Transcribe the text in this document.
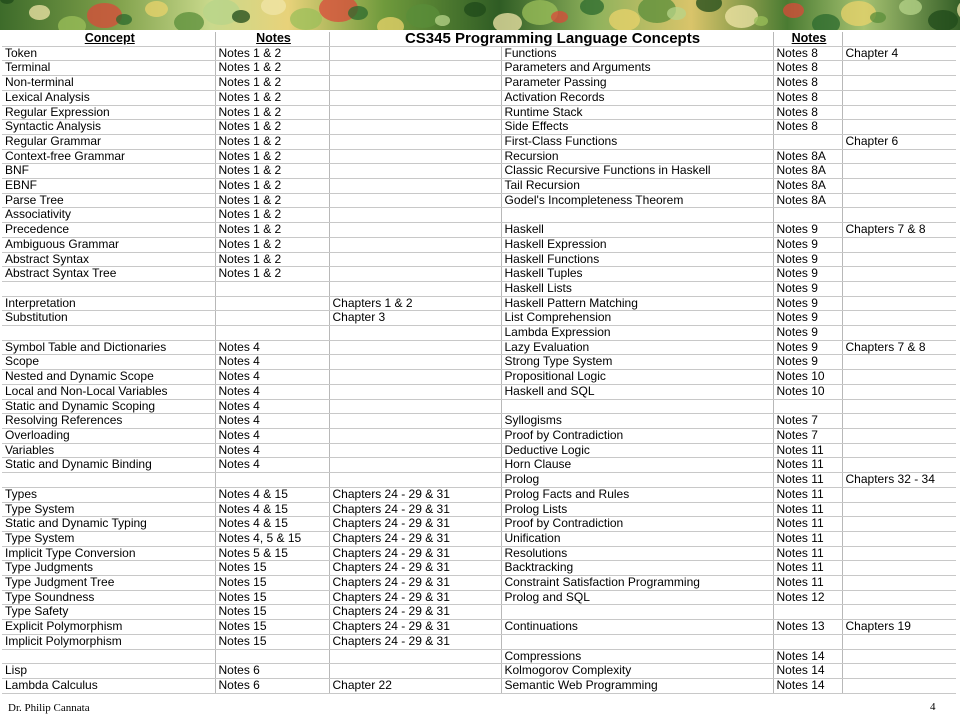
Concept	Notes	CS345 Programming Language Concepts		Notes	
Token	Notes 1 & 2		Functions	Notes 8	Chapter 4
Terminal	Notes 1 & 2		Parameters and Arguments	Notes 8	
Non-terminal	Notes 1 & 2		Parameter Passing	Notes 8	
Lexical Analysis	Notes 1 & 2		Activation Records	Notes 8	
Regular Expression	Notes 1 & 2		Runtime Stack	Notes 8	
Syntactic Analysis	Notes 1 & 2		Side Effects	Notes 8	
Regular Grammar	Notes 1 & 2		First-Class Functions		Chapter 6
Context-free Grammar	Notes 1 & 2		Recursion	Notes 8A	
BNF	Notes 1 & 2		Classic Recursive Functions in Haskell	Notes 8A	
EBNF	Notes 1 & 2		Tail Recursion	Notes 8A	
Parse Tree	Notes 1 & 2		Godel's Incompleteness Theorem	Notes 8A	
Associativity	Notes 1 & 2				
Precedence	Notes 1 & 2		Haskell	Notes 9	Chapters 7 & 8
Ambiguous Grammar	Notes 1 & 2		Haskell Expression	Notes 9	
Abstract Syntax	Notes 1 & 2		Haskell Functions	Notes 9	
Abstract Syntax Tree	Notes 1 & 2		Haskell Tuples	Notes 9	
			Haskell Lists	Notes 9	
Interpretation		Chapters 1 & 2	Haskell Pattern Matching	Notes 9	
Substitution		Chapter 3	List Comprehension	Notes 9	
			Lambda Expression	Notes 9	
Symbol Table and Dictionaries	Notes 4		Lazy Evaluation	Notes 9	Chapters 7 & 8
Scope	Notes 4		Strong Type System	Notes 9	
Nested and Dynamic Scope	Notes 4		Propositional Logic	Notes 10	
Local and Non-Local Variables	Notes 4		Haskell and SQL	Notes 10	
Static and Dynamic Scoping	Notes 4				
Resolving References	Notes 4		Syllogisms	Notes 7	
Overloading	Notes 4		Proof by Contradiction	Notes 7	
Variables	Notes 4		Deductive Logic	Notes 11	
Static and Dynamic Binding	Notes 4		Horn Clause	Notes 11	
			Prolog	Notes 11	Chapters 32 - 34
Types	Notes 4 & 15	Chapters 24 - 29 & 31	Prolog Facts and Rules	Notes 11	
Type System	Notes 4 & 15	Chapters 24 - 29 & 31	Prolog Lists	Notes 11	
Static and Dynamic Typing	Notes 4 & 15	Chapters 24 - 29 & 31	Proof by Contradiction	Notes 11	
Type System	Notes 4, 5 & 15	Chapters 24 - 29 & 31	Unification	Notes 11	
Implicit Type Conversion	Notes 5 & 15	Chapters 24 - 29 & 31	Resolutions	Notes 11	
Type Judgments	Notes 15	Chapters 24 - 29 & 31	Backtracking	Notes 11	
Type Judgment Tree	Notes 15	Chapters 24 - 29 & 31	Constraint Satisfaction Programming	Notes 11	
Type Soundness	Notes 15	Chapters 24 - 29 & 31	Prolog and SQL	Notes 12	
Type Safety	Notes 15	Chapters 24 - 29 & 31			
Explicit Polymorphism	Notes 15	Chapters 24 - 29 & 31	Continuations	Notes 13	Chapters 19
Implicit Polymorphism	Notes 15	Chapters 24 - 29 & 31			
			Compressions	Notes 14	
Lisp	Notes 6		Kolmogorov Complexity	Notes 14	
Lambda Calculus	Notes 6	Chapter 22	Semantic Web Programming	Notes 14	

Dr. Philip Cannata	4
